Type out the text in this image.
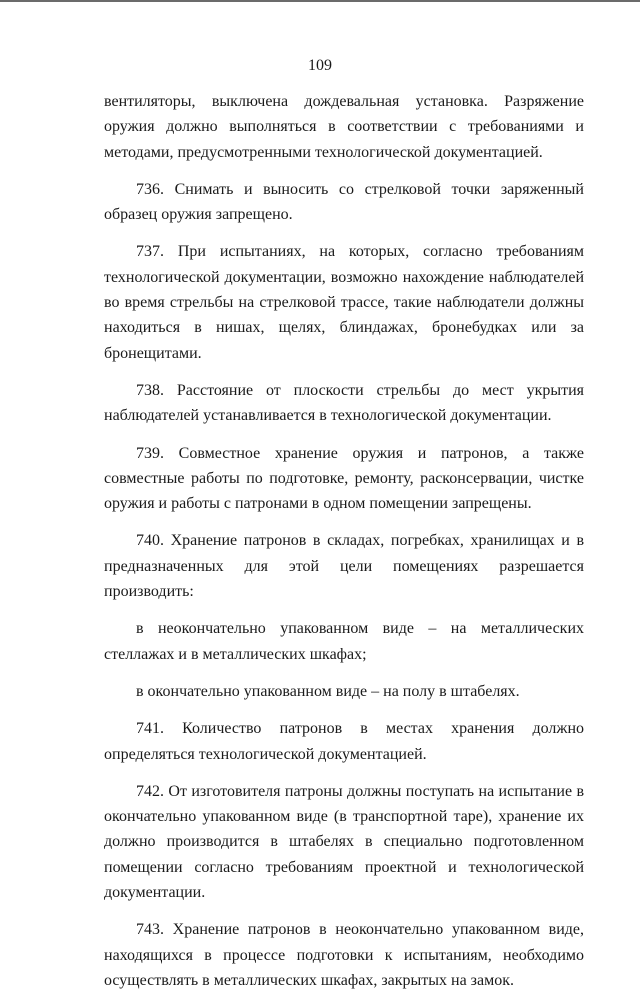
109

вентиляторы, выключена дождевальная установка. Разряжение оружия должно выполняться в соответствии с требованиями и методами, предусмотренными технологической документацией.

736. Снимать и выносить со стрелковой точки заряженный образец оружия запрещено.

737. При испытаниях, на которых, согласно требованиям технологической документации, возможно нахождение наблюдателей во время стрельбы на стрелковой трассе, такие наблюдатели должны находиться в нишах, щелях, блиндажах, бронебудках или за бронещитами.

738. Расстояние от плоскости стрельбы до мест укрытия наблюдателей устанавливается в технологической документации.

739. Совместное хранение оружия и патронов, а также совместные работы по подготовке, ремонту, расконсервации, чистке оружия и работы с патронами в одном помещении запрещены.

740. Хранение патронов в складах, погребках, хранилищах и в предназначенных для этой цели помещениях разрешается производить:

в неокончательно упакованном виде – на металлических стеллажах и в металлических шкафах;

в окончательно упакованном виде – на полу в штабелях.

741. Количество патронов в местах хранения должно определяться технологической документацией.

742. От изготовителя патроны должны поступать на испытание в окончательно упакованном виде (в транспортной таре), хранение их должно производится в штабелях в специально подготовленном помещении согласно требованиям проектной и технологической документации.

743. Хранение патронов в неокончательно упакованном виде, находящихся в процессе подготовки к испытаниям, необходимо осуществлять в металлических шкафах, закрытых на замок.
